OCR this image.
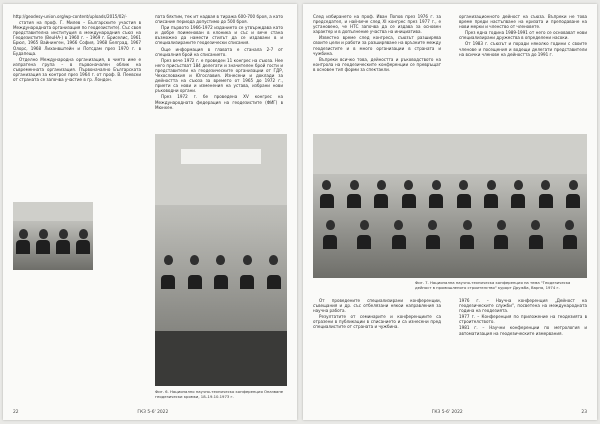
http://geodesy-union.org/wp-content/uploads/2015/02/-

статия на проф. Г. Милев – Българските участия в Международната организация по геодезистите). Със своя представителна институция в международния съюз на Геодезистите (BeuHA-) в 1960 г. – 1969 г. Бриселис, 1961 Брюл, 1965 Вайнинген, 1966 София, 1968 Белград, 1967 Олорс, 1968 Лиханвштейн и Потсдам през 1970 г. в Будапеща.

Отделно Международна организация, в чието име е изпратена група – в първоначален облик на съвременната организация. Първоначално Българската организация за контрол през 1964 г. от проф. В. Пеевски от страната се започва участие в гр. Лондон.

пата бяхтим, тек ит надвая в тиража 600-700 броя, а като списание периода допустимо до 500 броя.

При първото 1966-1972 изданието се утвърждава като и добре поименован в клоника и със и вече стана възможно да намести стилът да се издавани в и специализираните геодезически списания.

Още информация в главата е станала 2-7 от специалния брой на списанието.

През вече 1972 г. е проведен 11 конгрес на съюза. Нее него присъстват 184 делегати и значителен брой гости и представители на геодезическите организации от ГДР, Чехословакия и Югославия. Изнесени и доклади за дейността на съюза за времето от 1965 до 1972 г., приети са нови и изменения на устава, избрани нови ръководни органи.

През 1972 г. бе проведена XV конгрес на Международната федерация на геодезистите (ФИГ) в Мюнхен.

Фиг. 6. Национално научно-техническо конференция Опазване геодезически кромки, 18–19.10.1973 г.
22	ГКЗ 5-6' 2022

След избирането на проф. Иван Попов през 1976 г. за председател, и най-вече след XI конгрес през 1977 г., е установено, че НТС започва да се издава за основен характер и в допълнение участва на инициатива.

Известно време след конгреса, съюзът разширява своите цели и работи за разширяване на връзките между геодезистите и в много организации в страната и чужбина.

Въпреки всичко това, дейността и ръководството на контрола на геодезическите конференции се превръщат в основен тип форми за спектакли.

организационното дейност на съюза. Въпреки не това време преди настъпване на кризата и преподаване на нови мерки и членство от членовете.

През една година 1989-1991 от него се основават нови специализирани дружества в определени насоки.

От 1983 г. съюзът и поради няколко години с своите членове и посещения и водещи делегати представители на всички членове на дейността до 1991 г.

Фиг. 7. Национална научно-техническа конференция на тема "Геодезическа дейност в промишленото строителство" курорт Дружба, Варна, 1974 г.

От проведените специализирани конференции, съвещания и др. със отбелязани някои направления за научна работа.

Резултатите от семинарите и конференциите са отразени в публикации в списанието и са изнесени пред специалистите от страната и чужбина.

1976 г. – Научна конференция „Дейност на геодезическите служби“, посветена на международната година на геодезията.

1977 г. – Конференция по приложение на геодезията в строителството.

1981 г. – Научни конференции по метрология и автоматизация на геодезическите измервания.

ГКЗ 5-6' 2022	23
